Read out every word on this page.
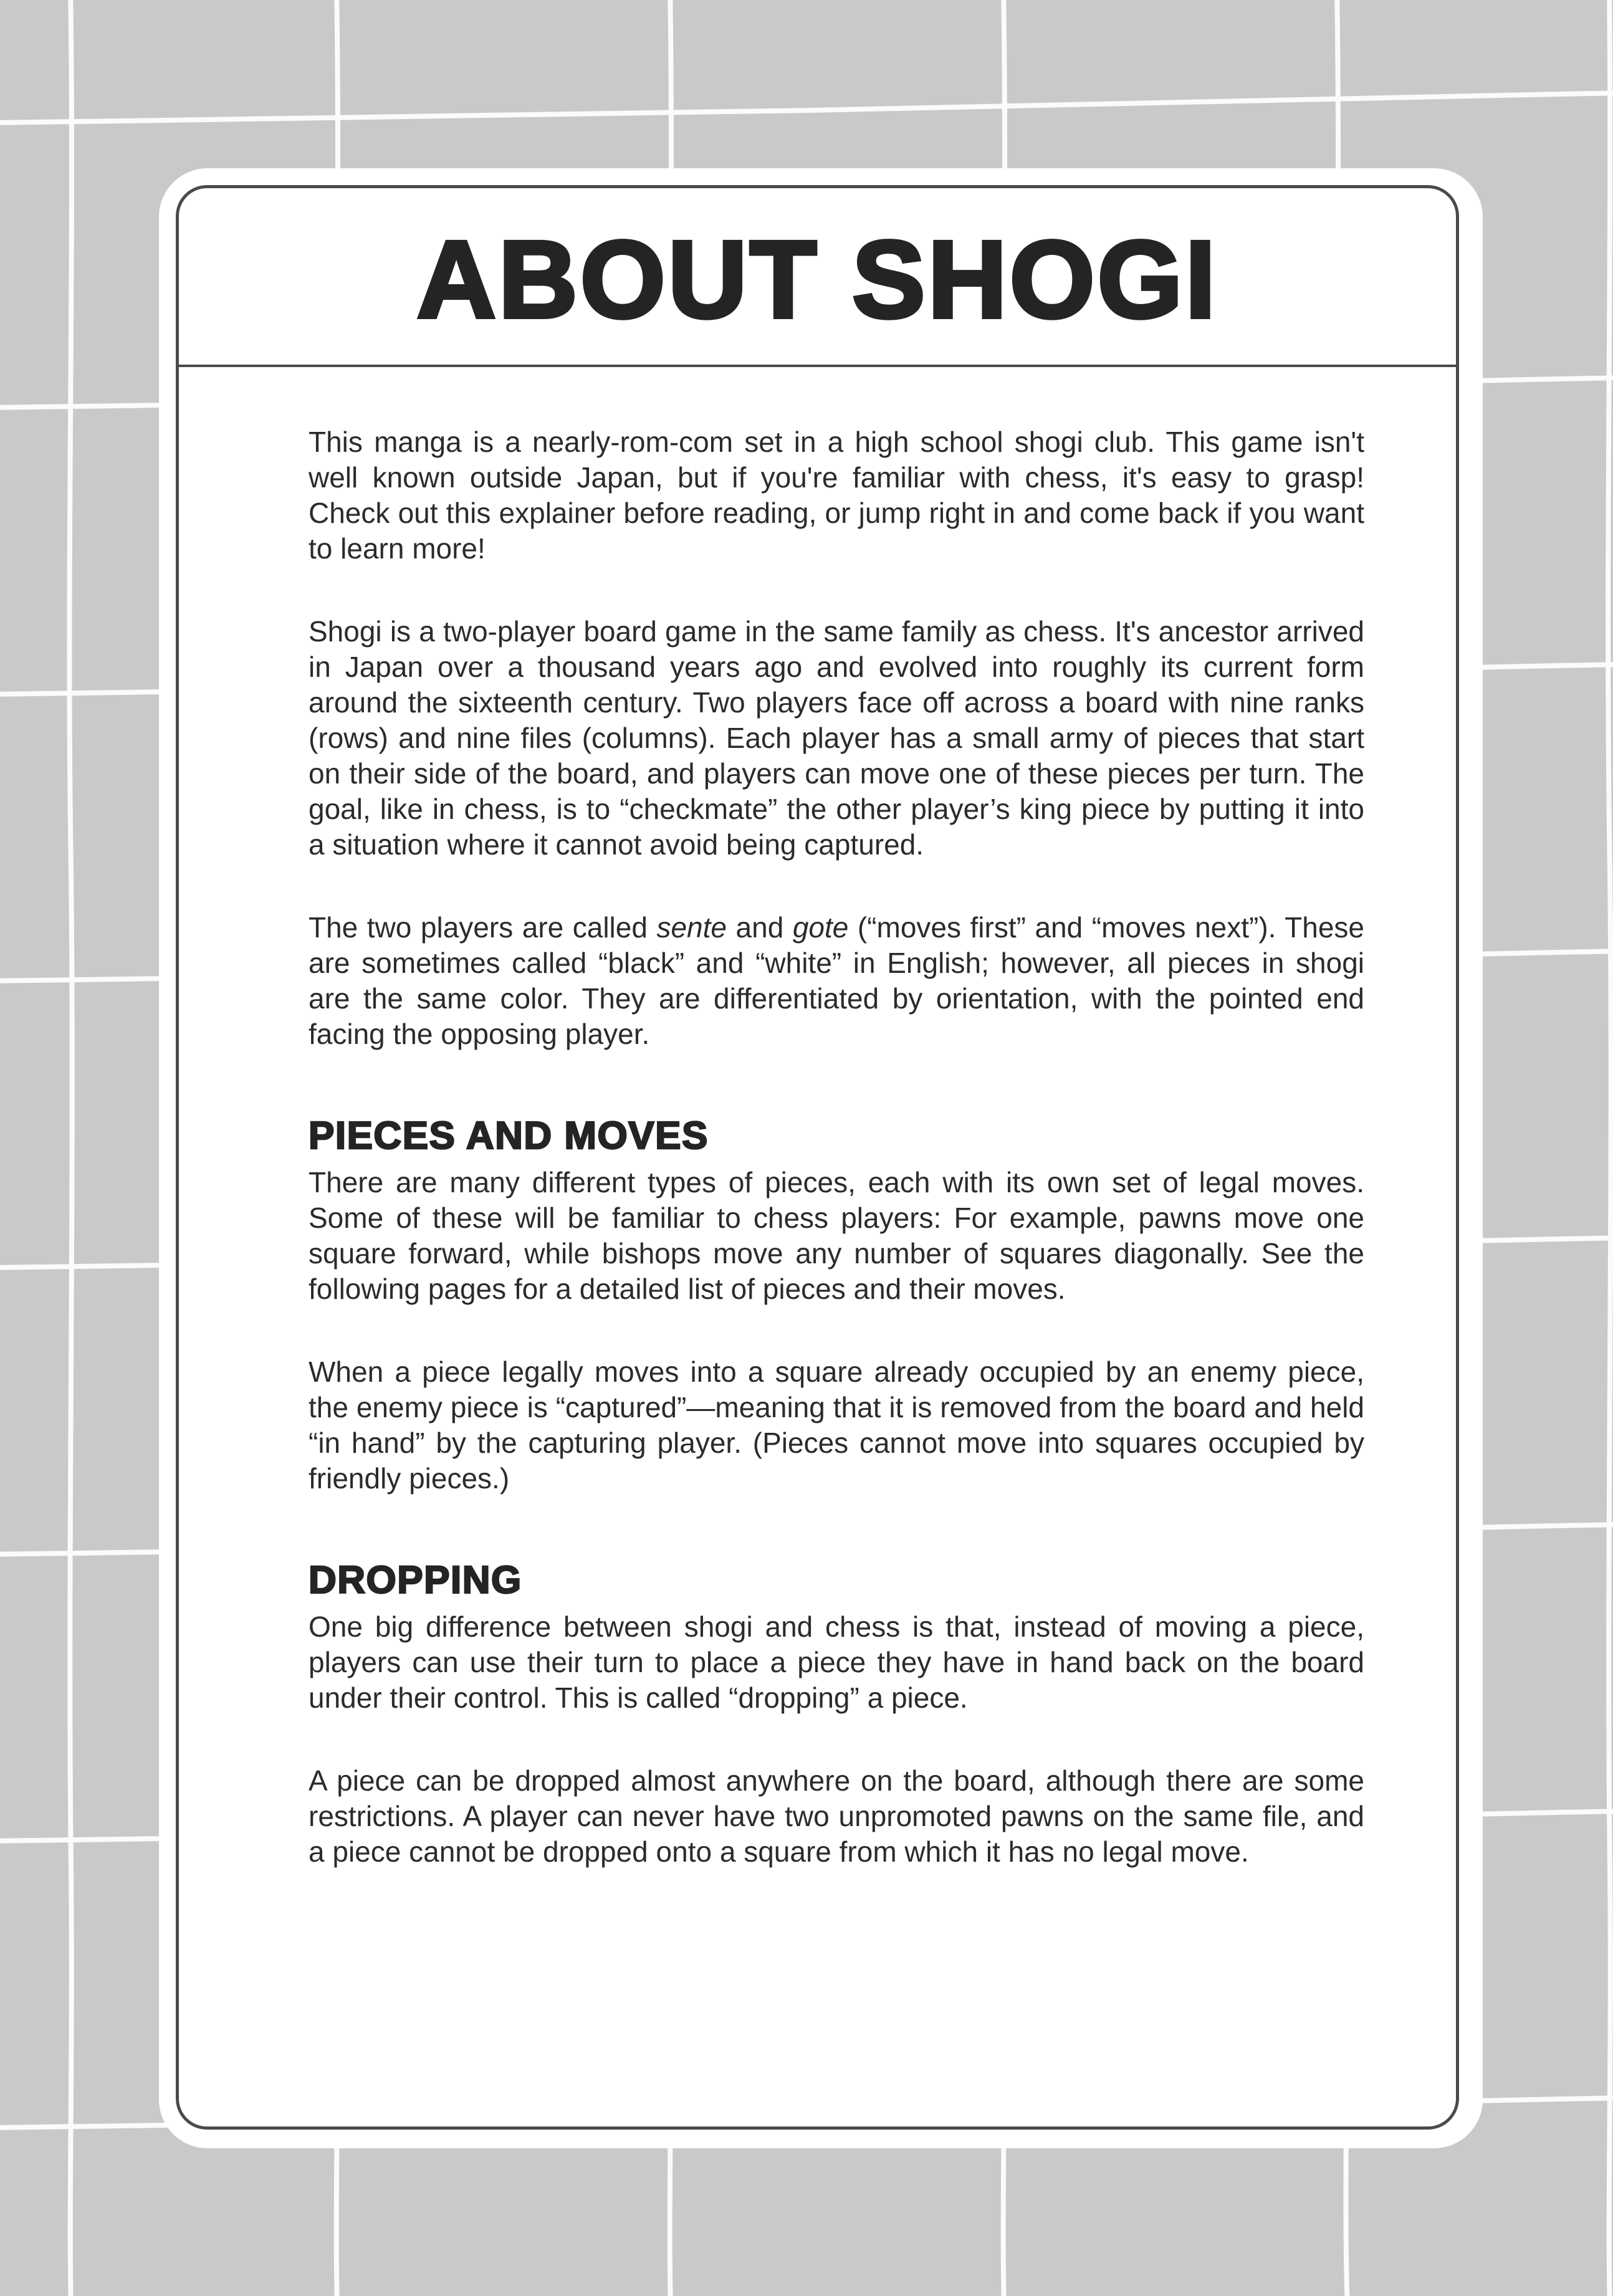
ABOUT SHOGI

This manga is a nearly-rom-com set in a high school shogi club. This game isn't well known outside Japan, but if you're familiar with chess, it's easy to grasp! Check out this explainer before reading, or jump right in and come back if you want to learn more!

Shogi is a two-player board game in the same family as chess. It's ancestor arrived in Japan over a thousand years ago and evolved into roughly its current form around the sixteenth century. Two players face off across a board with nine ranks (rows) and nine files (columns). Each player has a small army of pieces that start on their side of the board, and players can move one of these pieces per turn. The goal, like in chess, is to “checkmate” the other player’s king piece by putting it into a situation where it cannot avoid being captured.

The two players are called sente and gote (“moves first” and “moves next”). These are sometimes called “black” and “white” in English; however, all pieces in shogi are the same color. They are differentiated by orientation, with the pointed end facing the opposing player.

PIECES AND MOVES

There are many different types of pieces, each with its own set of legal moves. Some of these will be familiar to chess players: For example, pawns move one square forward, while bishops move any number of squares diagonally. See the following pages for a detailed list of pieces and their moves.

When a piece legally moves into a square already occupied by an enemy piece, the enemy piece is “captured”—meaning that it is removed from the board and held “in hand” by the capturing player. (Pieces cannot move into squares occupied by friendly pieces.)

DROPPING

One big difference between shogi and chess is that, instead of moving a piece, players can use their turn to place a piece they have in hand back on the board under their control. This is called “dropping” a piece.

A piece can be dropped almost anywhere on the board, although there are some restrictions. A player can never have two unpromoted pawns on the same file, and a piece cannot be dropped onto a square from which it has no legal move.
